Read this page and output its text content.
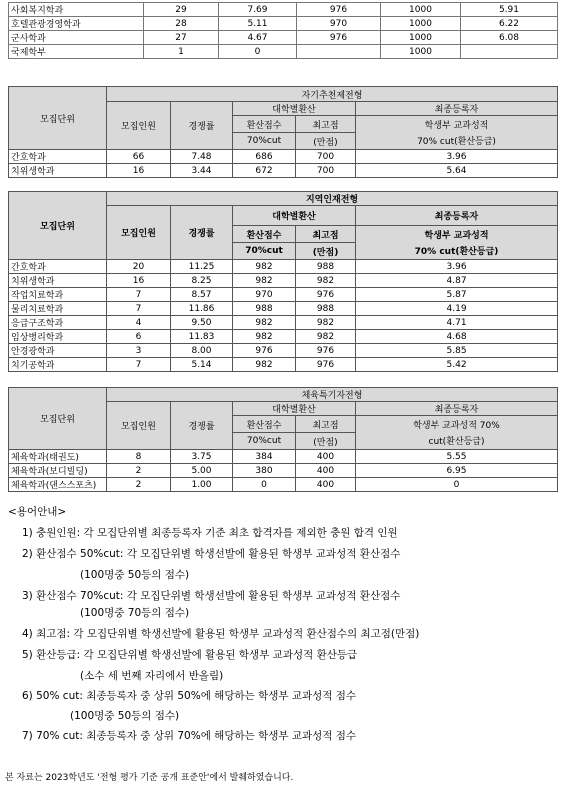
사회복지학과	29	7.69	976	1000	5.91
호텔관광경영학과	28	5.11	970	1000	6.22
군사학과	27	4.67	976	1000	6.08
국제학부	1	0		1000	
모집단위	자기추천제전형				
	모집인원	경쟁률	대학별환산		최종등록자
			환산점수	최고점	학생부 교과성적
			70%cut	(만점)	70% cut(환산등급)
간호학과	66	7.48	686	700	3.96
치위생학과	16	3.44	672	700	5.64
모집단위	지역인재전형				
	모집인원	경쟁률	대학별환산		최종등록자
			환산점수	최고점	학생부 교과성적
			70%cut	(만점)	70% cut(환산등급)
간호학과	20	11.25	982	988	3.96
치위생학과	16	8.25	982	982	4.87
작업치료학과	7	8.57	970	976	5.87
물리치료학과	7	11.86	988	988	4.19
응급구조학과	4	9.50	982	982	4.71
임상병리학과	6	11.83	982	982	4.68
안경광학과	3	8.00	976	976	5.85
치기공학과	7	5.14	982	976	5.42
모집단위	체육특기자전형				
	모집인원	경쟁률	대학별환산		최종등록자
			환산점수	최고점	학생부 교과성적 70%
			70%cut	(만점)	cut(환산등급)
체육학과(태권도)	8	3.75	384	400	5.55
체육학과(보디빌딩)	2	5.00	380	400	6.95
체육학과(댄스스포츠)	2	1.00	0	400	0
<용어안내>
1) 충원인원: 각 모집단위별 최종등록자 기준 최초 합격자를 제외한 충원 합격 인원
2) 환산점수 50%cut: 각 모집단위별 학생선발에 활용된 학생부 교과성적 환산점수
(100명중 50등의 점수)
3) 환산점수 70%cut: 각 모집단위별 학생선발에 활용된 학생부 교과성적 환산점수
(100명중 70등의 점수)
4) 최고점: 각 모집단위별 학생선발에 활용된 학생부 교과성적 환산점수의 최고점(만점)
5) 환산등급: 각 모집단위별 학생선발에 활용된 학생부 교과성적 환산등급
(소수 세 번째 자리에서 반올림)
6) 50% cut: 최종등록자 중 상위 50%에 해당하는 학생부 교과성적 점수
(100명중 50등의 점수)
7) 70% cut: 최종등록자 중 상위 70%에 해당하는 학생부 교과성적 점수
본 자료는 2023학년도 '전형 평가 기준 공개 표준안'에서 발췌하였습니다.
